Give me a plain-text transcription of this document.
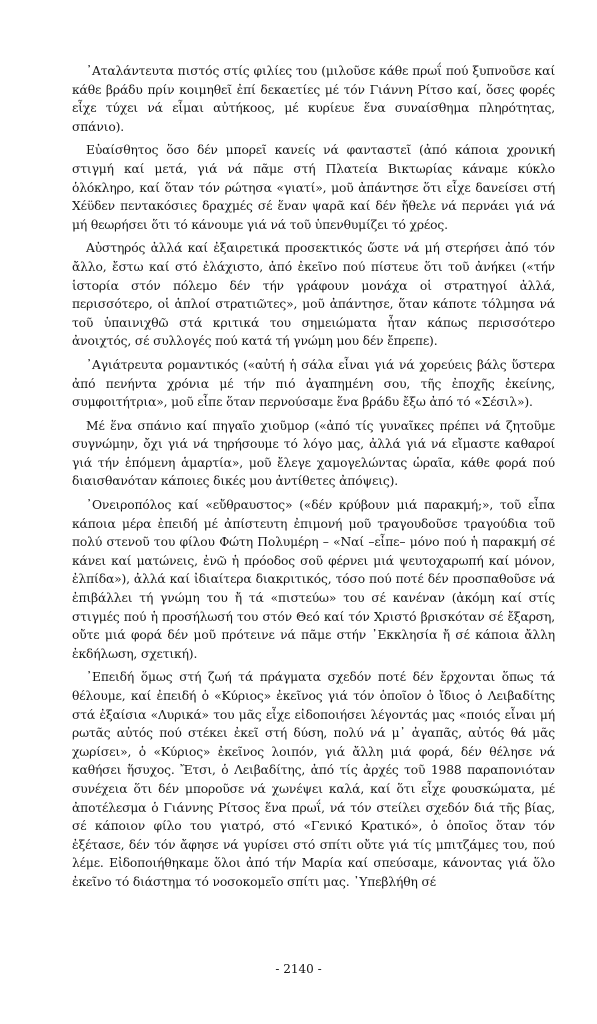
᾿Αταλάντευτα πιστός στίς φιλίες του (μιλοῦσε κάθε πρωΐ πού ξυπνοῦσε καί κάθε βράδυ πρίν κοιμηθεῖ ἐπί δεκαετίες μέ τόν Γιάννη Ρίτσο καί, ὅσες φορές εἶχε τύχει νά εἶμαι αὐτήκοος, μέ κυρίευε ἕνα συναίσθημα πληρότητας, σπάνιο).

Εὐαίσθητος ὅσο δέν μπορεῖ κανείς νά φανταστεῖ (ἀπό κάποια χρονική στιγμή καί μετά, γιά νά πᾶμε στή Πλατεία Βικτωρίας κάναμε κύκλο ὁλόκληρο, καί ὅταν τόν ρώτησα «γιατί», μοῦ ἀπάντησε ὅτι εἶχε δανείσει στή Χέϋδεν πεντακόσιες δραχμές σέ ἕναν ψαρᾶ καί δέν ἤθελε νά περνάει γιά νά μή θεωρήσει ὅτι τό κάνουμε γιά νά τοῦ ὑπενθυμίζει τό χρέος.

Αὐστηρός ἀλλά καί ἐξαιρετικά προσεκτικός ὥστε νά μή στερήσει ἀπό τόν ἄλλο, ἔστω καί στό ἐλάχιστο, ἀπό ἐκεῖνο πού πίστευε ὅτι τοῦ ἀνήκει («τήν ἱστορία στόν πόλεμο δέν τήν γράφουν μονάχα οἱ στρατηγοί ἀλλά, περισσότερο, οἱ ἁπλοί στρατιῶτες», μοῦ ἀπάντησε, ὅταν κάποτε τόλμησα νά τοῦ ὑπαινιχθῶ στά κριτικά του σημειώματα ἦταν κάπως περισσότερο ἀνοιχτός, σέ συλλογές πού κατά τή γνώμη μου δέν ἔπρεπε).

᾿Αγιάτρευτα ρομαντικός («αὐτή ἡ σάλα εἶναι γιά νά χορεύεις βάλς ὕστερα ἀπό πενήντα χρόνια μέ τήν πιό ἀγαπημένη σου, τῆς ἐποχῆς ἐκείνης, συμφοιτήτρια», μοῦ εἶπε ὅταν περνούσαμε ἕνα βράδυ ἔξω ἀπό τό «Σέσιλ»).

Μέ ἕνα σπάνιο καί πηγαῖο χιοῦμορ («ἀπό τίς γυναῖκες πρέπει νά ζητοῦμε συγνώμην, ὄχι γιά νά τηρήσουμε τό λόγο μας, ἀλλά γιά νά εἴμαστε καθαροί γιά τήν ἑπόμενη ἁμαρτία», μοῦ ἔλεγε χαμογελώντας ὡραῖα, κάθε φορά πού διαισθανόταν κάποιες δικές μου ἀντίθετες ἀπόψεις).

᾿Ονειροπόλος καί «εὔθραυστος» («δέν κρύβουν μιά παρακμή;», τοῦ εἶπα κάποια μέρα ἐπειδή μέ ἀπίστευτη ἐπιμονή μοῦ τραγουδοῦσε τραγούδια τοῦ πολύ στενοῦ του φίλου Φώτη Πολυμέρη – «Ναί –εἶπε– μόνο πού ἡ παρακμή σέ κάνει καί ματώνεις, ἐνῶ ἡ πρόοδος σοῦ φέρνει μιά ψευτοχαρωπή καί μόνον, ἐλπίδα»), ἀλλά καί ἰδιαίτερα διακριτικός, τόσο πού ποτέ δέν προσπαθοῦσε νά ἐπιβάλλει τή γνώμη του ἤ τά «πιστεύω» του σέ κανέναν (ἀκόμη καί στίς στιγμές πού ἡ προσήλωσή του στόν Θεό καί τόν Χριστό βρισκόταν σέ ἔξαρση, οὔτε μιά φορά δέν μοῦ πρότεινε νά πᾶμε στήν ᾿Εκκλησία ἤ σέ κάποια ἄλλη ἐκδήλωση, σχετική).

᾿Επειδή ὅμως στή ζωή τά πράγματα σχεδόν ποτέ δέν ἔρχονται ὅπως τά θέλουμε, καί ἐπειδή ὁ «Κύριος» ἐκεῖνος γιά τόν ὁποῖον ὁ ἴδιος ὁ Λειβαδίτης στά ἐξαίσια «Λυρικά» του μᾶς εἶχε εἰδοποιήσει λέγοντάς μας «ποιός εἶναι μή ρωτᾶς αὐτός πού στέκει ἐκεῖ στή δύση, πολύ νά μ᾿ ἀγαπᾶς, αὐτός θά μᾶς χωρίσει», ὁ «Κύριος» ἐκεῖνος λοιπόν, γιά ἄλλη μιά φορά, δέν θέλησε νά καθήσει ἥσυχος. Ἔτσι, ὁ Λειβαδίτης, ἀπό τίς ἀρχές τοῦ 1988 παραπονιόταν συνέχεια ὅτι δέν μποροῦσε νά χωνέψει καλά, καί ὅτι εἶχε φουσκώματα, μέ ἀποτέλεσμα ὁ Γιάννης Ρίτσος ἕνα πρωΐ, νά τόν στείλει σχεδόν διά τῆς βίας, σέ κάποιον φίλο του γιατρό, στό «Γενικό Κρατικό», ὁ ὁποῖος ὅταν τόν ἐξέτασε, δέν τόν ἄφησε νά γυρίσει στό σπίτι οὔτε γιά τίς μπιτζάμες του, πού λέμε. Εἰδοποιήθηκαμε ὅλοι ἀπό τήν Μαρία καί σπεύσαμε, κάνοντας γιά ὅλο ἐκεῖνο τό διάστημα τό νοσοκομεῖο σπίτι μας. ᾿Υπεβλήθη σέ

- 2140 -
